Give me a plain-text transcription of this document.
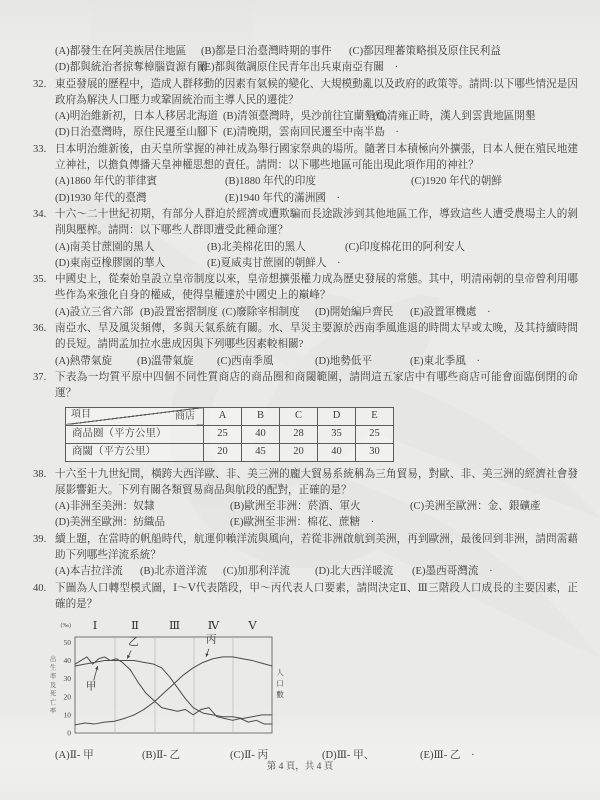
(A)都發生在阿美族居住地區	(B)都是日治臺灣時期的事件	(C)都因理蕃策略損及原住民利益
(D)都與統治者掠奪樟腦資源有關
(E)都與徵調原住民青年出兵東南亞有關　·
32. 東亞發展的歷程中，造成人群移動的因素有氣候的變化、大規模動亂以及政府的政策等。請問:以下哪些情況是因政府為解決人口壓力或鞏固統治而主導人民的遷徙？
(A)明治維新初，日本人移居北海道 (B)清領臺灣時，吳沙前往宜蘭墾殖
(C)清雍正時，漢人到雲貴地區開墾
(D)日治臺灣時，原住民遷至山腳下 (E)清晚期，雲南回民遷至中南半島　·
33. 日本明治維新後，由天皇所掌握的神社成為舉行國家祭典的場所。隨著日本積極向外擴張，日本人便在殖民地建立神社，以擔負傳播天皇神權思想的責任。請問：以下哪些地區可能出現此項作用的神社？
(A)1860 年代的菲律賓	(B)1880 年代的印度	(C)1920 年代的朝鮮
(D)1930 年代的臺灣	(E)1940 年代的滿洲國　·
34. 十六～二十世紀初期，有部分人群迫於經濟或遭欺騙而長途跋涉到其他地區工作，導致這些人遭受農場主人的剝削與壓榨。請問：以下哪些人群即遭受此種命運？
(A)南美甘蔗園的黑人	(B)北美棉花田的黑人	(C)印度棉花田的阿利安人
(D)東南亞橡膠園的華人	(E)夏威夷甘蔗園的朝鮮人　·
35. 中國史上，從秦始皇設立皇帝制度以來，皇帝想擴張權力成為歷史發展的常態。其中，明清兩朝的皇帝曾利用哪些作為來強化自身的權威，使得皇權達於中國史上的巔峰？
(A)設立三省六部 (B)設置密摺制度 (C)廢除宰相制度	(D)開始編戶齊民	(E)設置軍機處　·
36. 南亞水、旱及風災頻傳，多與天氣系統有關。水、旱災主要源於西南季風進退的時間太早或太晚，及其持續時間的長短。請問孟加拉水患成因與下列哪些因素較相關?
(A)熱帶氣旋	(B)溫帶氣旋	(C)西南季風	(D)地勢低平	(E)東北季風　·
37. 下表為一均質平原中四個不同性質商店的商品圈和商閾範圍，請問這五家店中有哪些商店可能會面臨倒閉的命運？
商店
項目	A	B	C	D	E
商品圈（平方公里）	25	40	28	35	25
商閾（平方公里）	20	45	20	40	30
38. 十六至十九世紀間，橫跨大西洋歐、非、美三洲的龐大貿易系統稱為三角貿易，對歐、非、美三洲的經濟社會發展影響鉅大。下列有關各類貿易商品與航段的配對，正確的是？
(A)非洲至美洲：奴隸	(B)歐洲至非洲：菸酒、軍火	(C)美洲至歐洲：金、銀礦產
(D)美洲至歐洲：紡織品	(E)歐洲至非洲：棉花、蔗糖　·
39. 續上題，在當時的帆船時代，航運仰賴洋流與風向，若從非洲啟航到美洲，再到歐洲，最後回到非洲，請問需藉助下列哪些洋流系統？
(A)本吉拉洋流	(B)北赤道洋流	(C)加那利洋流	(D)北大西洋暖流	(E)墨西哥灣流　·
40. 下圖為人口轉型模式圖，Ⅰ～Ⅴ代表階段，甲～丙代表人口要素，請問決定Ⅱ、Ⅲ三階段人口成長的主要因素，正確的是？
0
10
20
30
40
50
(‰) Ⅰ	Ⅱ	Ⅲ Ⅳ	Ⅴ
出
生
率
及
死
亡
率
人
口
數
甲
乙	丙
(A)Ⅱ- 甲	(B)Ⅱ- 乙	(C)Ⅱ- 丙	(D)Ⅲ- 甲、	(E)Ⅲ- 乙　·
第 4 頁，共 4 頁
